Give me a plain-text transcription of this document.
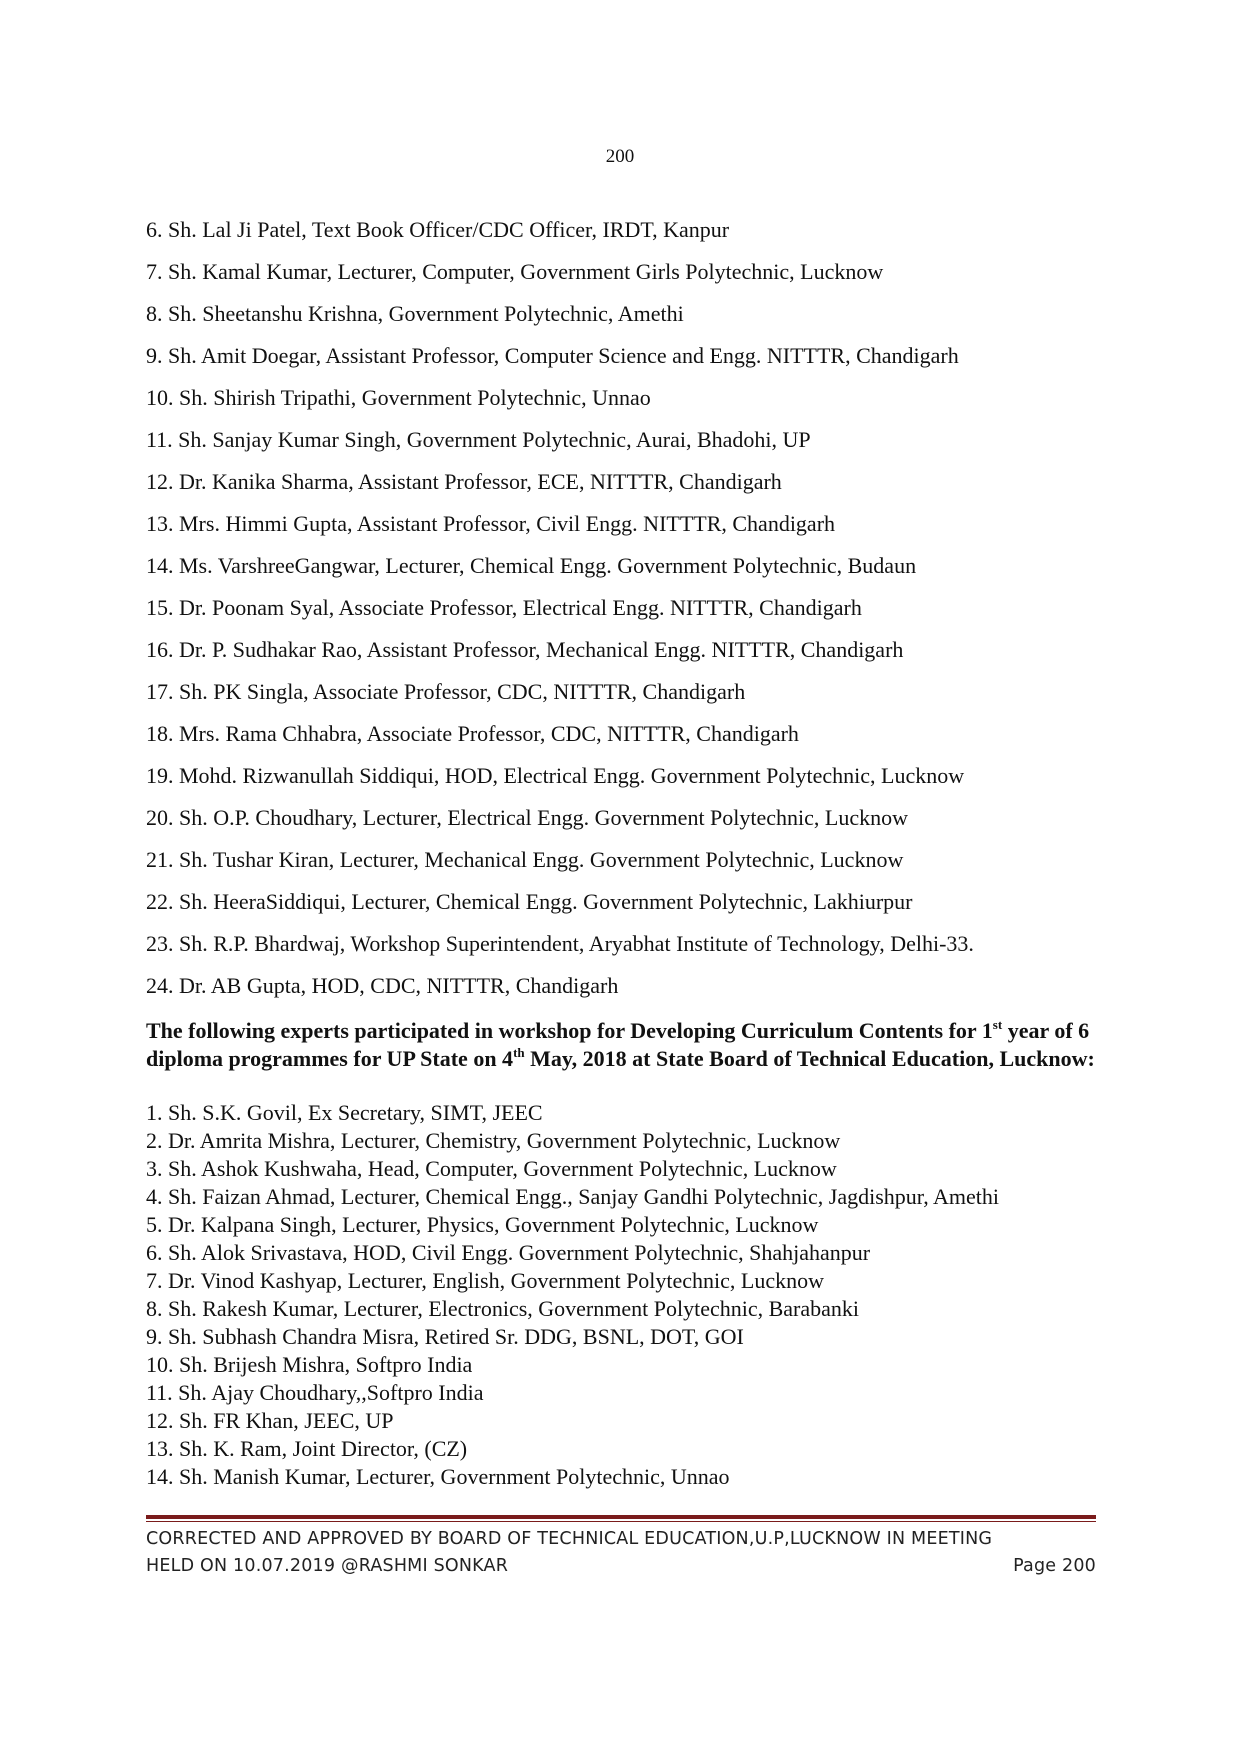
200
6. Sh. Lal Ji Patel, Text Book Officer/CDC Officer, IRDT, Kanpur
7. Sh. Kamal Kumar, Lecturer, Computer, Government Girls Polytechnic, Lucknow
8. Sh. Sheetanshu Krishna, Government Polytechnic, Amethi
9. Sh. Amit Doegar, Assistant Professor, Computer Science and Engg. NITTTR, Chandigarh
10. Sh. Shirish Tripathi, Government Polytechnic, Unnao
11. Sh. Sanjay Kumar Singh, Government Polytechnic, Aurai, Bhadohi, UP
12. Dr. Kanika Sharma, Assistant Professor, ECE, NITTTR, Chandigarh
13. Mrs. Himmi Gupta, Assistant Professor, Civil Engg. NITTTR, Chandigarh
14. Ms. VarshreeGangwar, Lecturer, Chemical Engg. Government Polytechnic, Budaun
15. Dr. Poonam Syal, Associate Professor, Electrical Engg. NITTTR, Chandigarh
16. Dr. P. Sudhakar Rao, Assistant Professor, Mechanical Engg. NITTTR, Chandigarh
17. Sh. PK Singla, Associate Professor, CDC, NITTTR, Chandigarh
18. Mrs. Rama Chhabra, Associate Professor, CDC, NITTTR, Chandigarh
19. Mohd. Rizwanullah Siddiqui, HOD, Electrical Engg. Government Polytechnic, Lucknow
20. Sh. O.P. Choudhary, Lecturer, Electrical Engg. Government Polytechnic, Lucknow
21. Sh. Tushar Kiran, Lecturer, Mechanical Engg. Government Polytechnic, Lucknow
22. Sh. HeeraSiddiqui, Lecturer, Chemical Engg. Government Polytechnic, Lakhiurpur
23. Sh. R.P. Bhardwaj, Workshop Superintendent, Aryabhat Institute of Technology, Delhi-33.
24. Dr. AB Gupta, HOD, CDC, NITTTR, Chandigarh

The following experts participated in workshop for Developing Curriculum Contents for 1st year of 6 diploma programmes for UP State on 4th May, 2018 at State Board of Technical Education, Lucknow:

1. Sh. S.K. Govil, Ex Secretary, SIMT, JEEC
2. Dr. Amrita Mishra, Lecturer, Chemistry, Government Polytechnic, Lucknow
3. Sh. Ashok Kushwaha, Head, Computer, Government Polytechnic, Lucknow
4. Sh. Faizan Ahmad, Lecturer, Chemical Engg., Sanjay Gandhi Polytechnic, Jagdishpur, Amethi
5. Dr. Kalpana Singh, Lecturer, Physics, Government Polytechnic, Lucknow
6. Sh. Alok Srivastava, HOD, Civil Engg. Government Polytechnic, Shahjahanpur
7. Dr. Vinod Kashyap, Lecturer, English, Government Polytechnic, Lucknow
8. Sh. Rakesh Kumar, Lecturer, Electronics, Government Polytechnic, Barabanki
9. Sh. Subhash Chandra Misra, Retired Sr. DDG, BSNL, DOT, GOI
10. Sh. Brijesh Mishra, Softpro India
11. Sh. Ajay Choudhary,,Softpro India
12. Sh. FR Khan, JEEC, UP
13. Sh. K. Ram, Joint Director, (CZ)
14. Sh. Manish Kumar, Lecturer, Government Polytechnic, Unnao
CORRECTED AND APPROVED BY BOARD OF TECHNICAL EDUCATION,U.P,LUCKNOW IN MEETING
HELD ON 10.07.2019 @RASHMI SONKAR	Page 200
